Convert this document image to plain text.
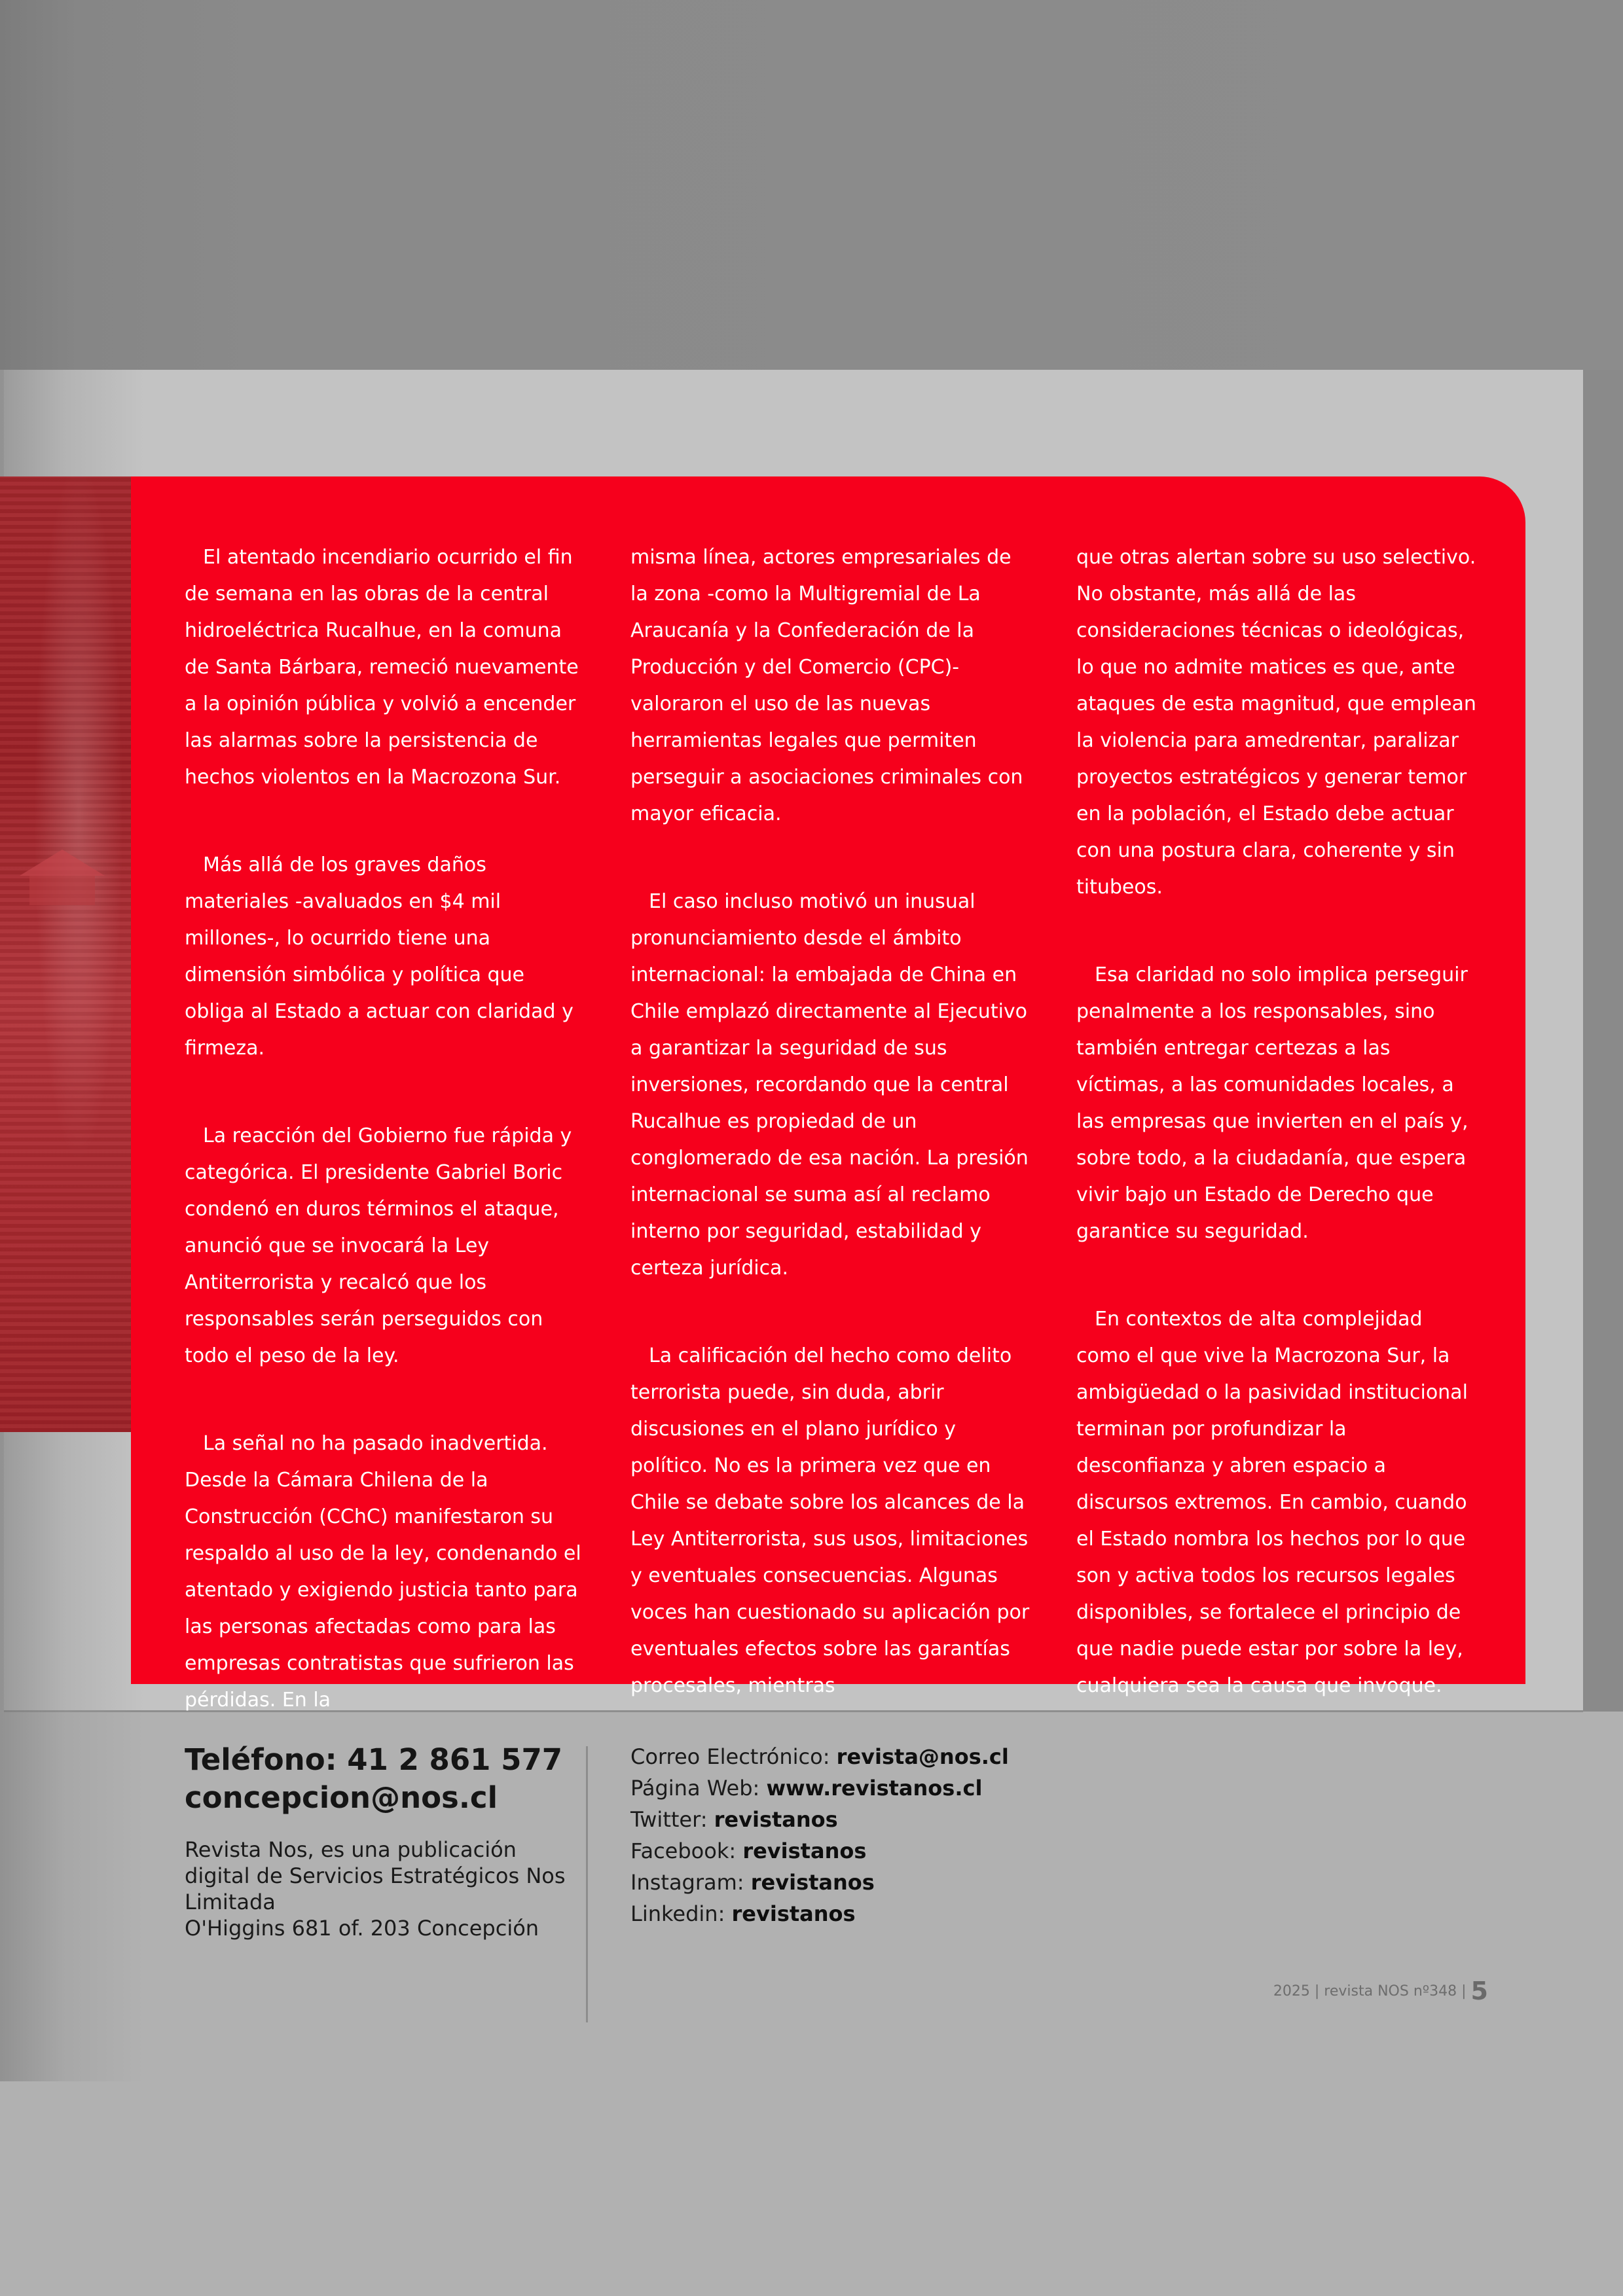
El atentado incendiario ocurrido el fin de semana en las obras de la central hidroeléctrica Rucalhue, en la comuna de Santa Bárbara, remeció nuevamente a la opinión pública y volvió a encender las alarmas sobre la persistencia de hechos violentos en la Macrozona Sur.

Más allá de los graves daños materiales -avaluados en $4 mil millones-, lo ocurrido tiene una dimensión simbólica y política que obliga al Estado a actuar con claridad y firmeza.

La reacción del Gobierno fue rápida y categórica. El presidente Gabriel Boric condenó en duros términos el ataque, anunció que se invocará la Ley Antiterrorista y recalcó que los responsables serán perseguidos con todo el peso de la ley.

La señal no ha pasado inadvertida. Desde la Cámara Chilena de la Construcción (CChC) manifestaron su respaldo al uso de la ley, condenando el atentado y exigiendo justicia tanto para las personas afectadas como para las empresas contratistas que sufrieron las pérdidas. En la

misma línea, actores empresariales de la zona -como la Multigremial de La Araucanía y la Confederación de la Producción y del Comercio (CPC)- valoraron el uso de las nuevas herramientas legales que permiten perseguir a asociaciones criminales con mayor eficacia.

El caso incluso motivó un inusual pronunciamiento desde el ámbito internacional: la embajada de China en Chile emplazó directamente al Ejecutivo a garantizar la seguridad de sus inversiones, recordando que la central Rucalhue es propiedad de un conglomerado de esa nación. La presión internacional se suma así al reclamo interno por seguridad, estabilidad y certeza jurídica.

La calificación del hecho como delito terrorista puede, sin duda, abrir discusiones en el plano jurídico y político. No es la primera vez que en Chile se debate sobre los alcances de la Ley Antiterrorista, sus usos, limitaciones y eventuales consecuencias. Algunas voces han cuestionado su aplicación por eventuales efectos sobre las garantías procesales, mientras

que otras alertan sobre su uso selectivo. No obstante, más allá de las consideraciones técnicas o ideológicas, lo que no admite matices es que, ante ataques de esta magnitud, que emplean la violencia para amedrentar, paralizar proyectos estratégicos y generar temor en la población, el Estado debe actuar con una postura clara, coherente y sin titubeos.

Esa claridad no solo implica perseguir penalmente a los responsables, sino también entregar certezas a las víctimas, a las comunidades locales, a las empresas que invierten en el país y, sobre todo, a la ciudadanía, que espera vivir bajo un Estado de Derecho que garantice su seguridad.

En contextos de alta complejidad como el que vive la Macrozona Sur, la ambigüedad o la pasividad institucional terminan por profundizar la desconfianza y abren espacio a discursos extremos. En cambio, cuando el Estado nombra los hechos por lo que son y activa todos los recursos legales disponibles, se fortalece el principio de que nadie puede estar por sobre la ley, cualquiera sea la causa que invoque.

Teléfono: 41 2 861 577
concepcion@nos.cl
Revista Nos, es una publicación digital de Servicios Estratégicos Nos Limitada
O'Higgins 681 of. 203 Concepción
Correo Electrónico: revista@nos.cl
Página Web: www.revistanos.cl
Twitter: revistanos
Facebook: revistanos
Instagram: revistanos
Linkedin: revistanos
2025 | revista NOS nº348 | 5
